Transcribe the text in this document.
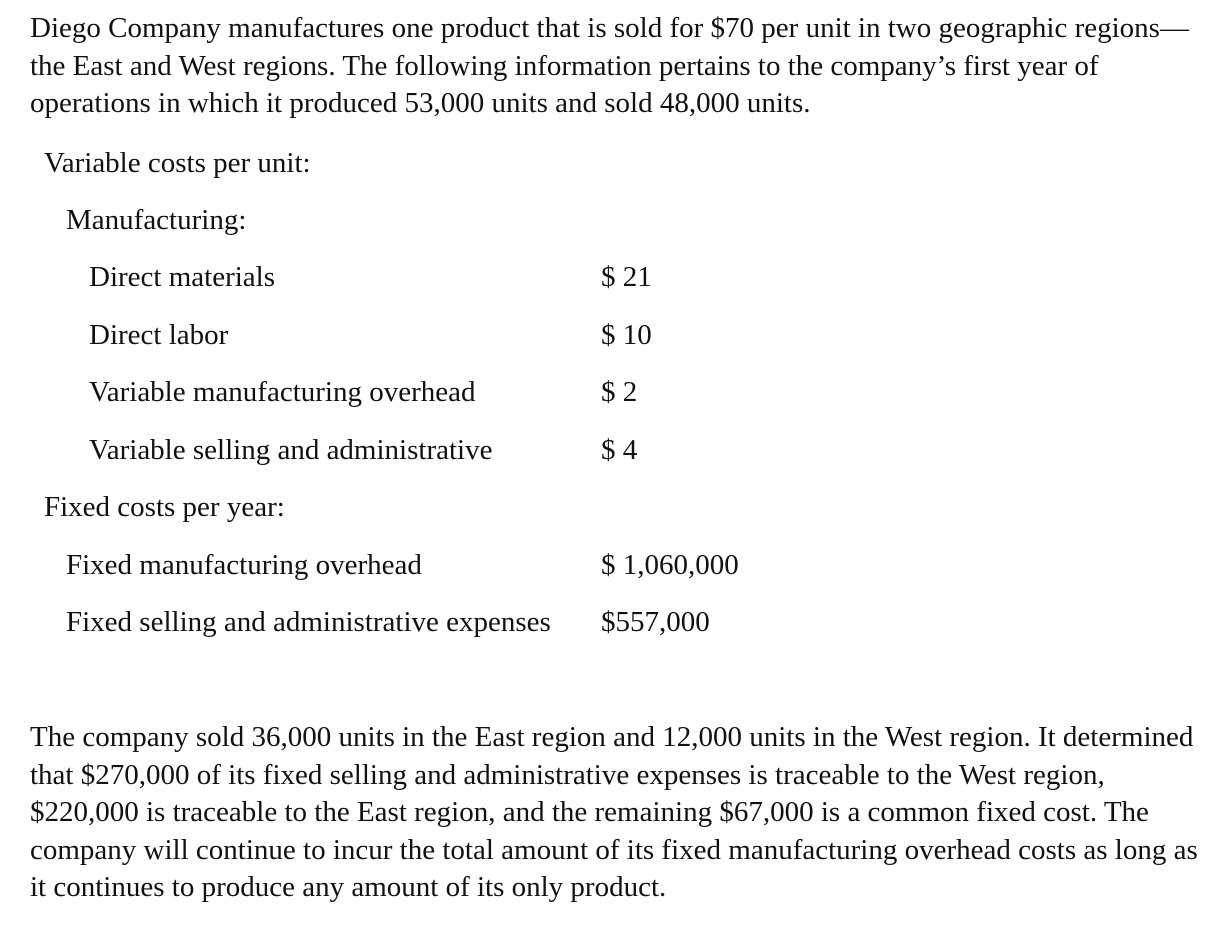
Diego Company manufactures one product that is sold for $70 per unit in two geographic regions—the East and West regions. The following information pertains to the company’s first year of operations in which it produced 53,000 units and sold 48,000 units.

Variable costs per unit:
Manufacturing:
Direct materials	$ 21
Direct labor	$ 10
Variable manufacturing overhead	$ 2
Variable selling and administrative	$ 4
Fixed costs per year:
Fixed manufacturing overhead	$ 1,060,000
Fixed selling and administrative expenses $557,000

The company sold 36,000 units in the East region and 12,000 units in the West region. It determined that $270,000 of its fixed selling and administrative expenses is traceable to the West region, $220,000 is traceable to the East region, and the remaining $67,000 is a common fixed cost. The company will continue to incur the total amount of its fixed manufacturing overhead costs as long as it continues to produce any amount of its only product.
